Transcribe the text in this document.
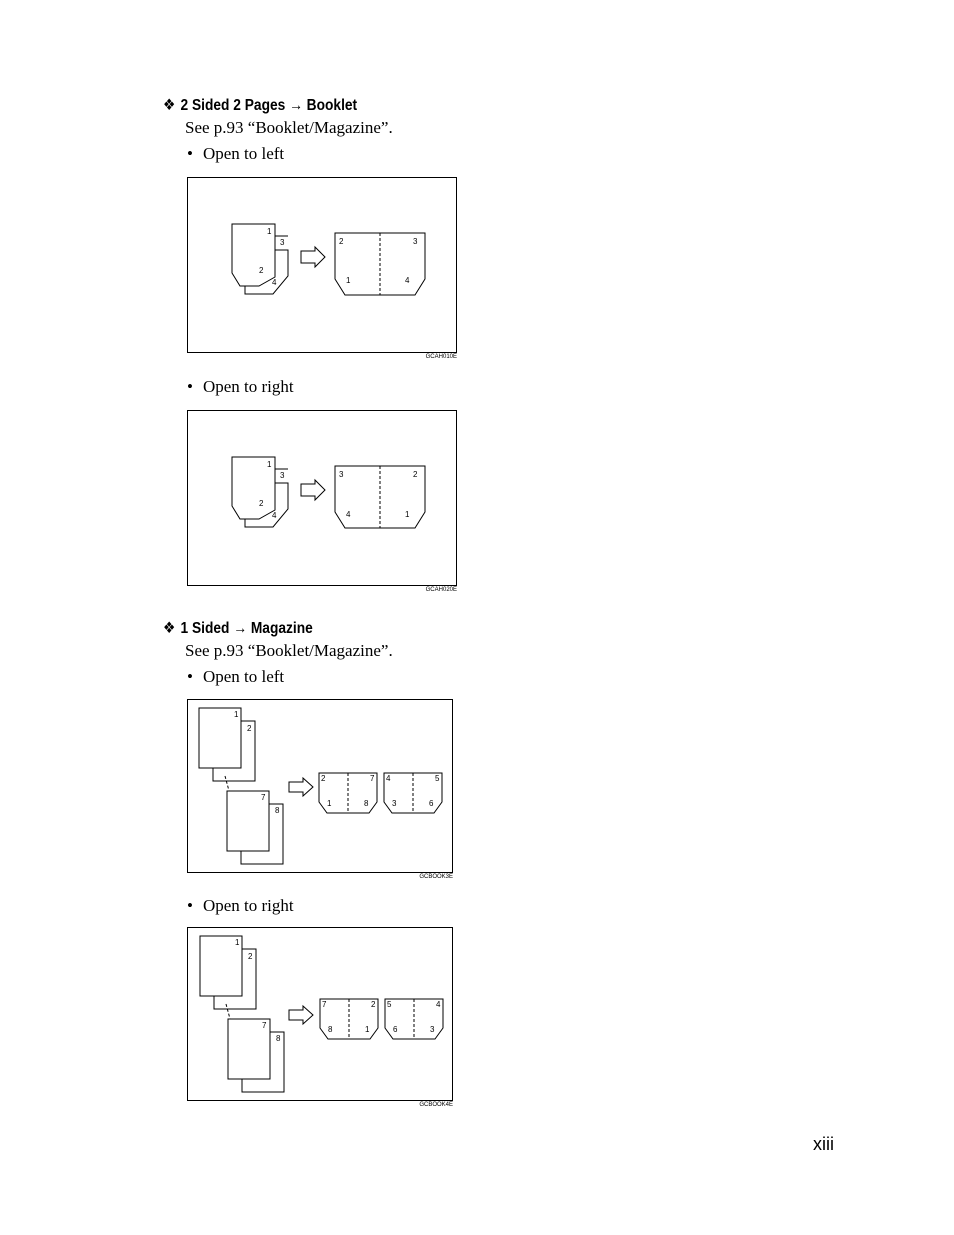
❖ 2 Sided 2 Pages → Booklet
See p.93 “Booklet/Magazine”.
• Open to left
1
3
2
4
2	3
1	4
GCAH010E
• Open to right
1
3
2
4
3	2
4	1
GCAH020E
❖ 1 Sided → Magazine
See p.93 “Booklet/Magazine”.
• Open to left
1
2
7
8
2	7
1	8
4	5
3	6
GCBOOK3E
• Open to right
1
2
7
8
7	2
8	1
5	4
6	3
GCBOOK4E
xiii
